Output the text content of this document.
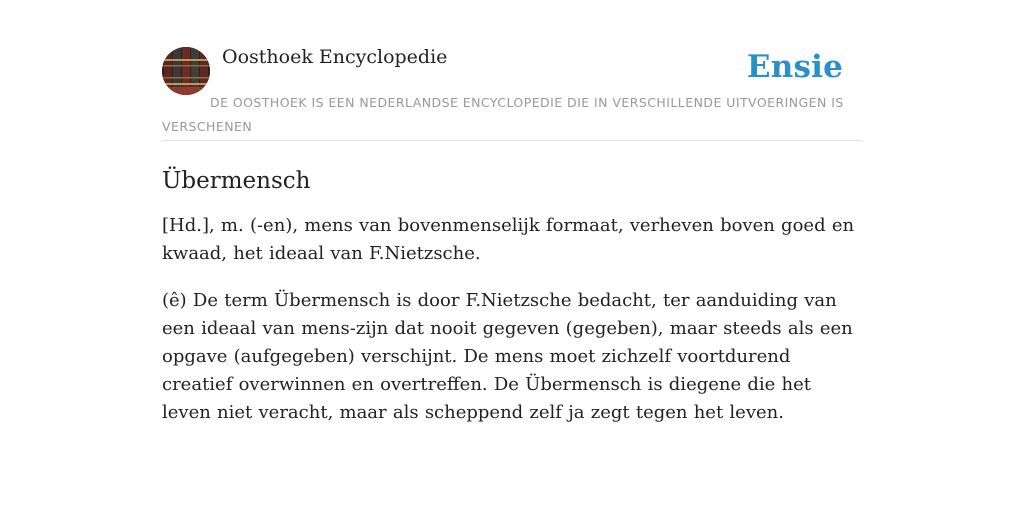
Oosthoek Encyclopedie	Ensie
DE OOSTHOEK IS EEN NEDERLANDSE ENCYCLOPEDIE DIE IN VERSCHILLENDE UITVOERINGEN IS VERSCHENEN
Übermensch

[Hd.], m. (-en), mens van bovenmenselijk formaat, verheven boven goed en kwaad, het ideaal van F.Nietzsche.

(ê) De term Übermensch is door F.Nietzsche bedacht, ter aanduiding van een ideaal van mens-zijn dat nooit gegeven (gegeben), maar steeds als een opgave (aufgegeben) verschijnt. De mens moet zichzelf voortdurend creatief overwinnen en overtreffen. De Übermensch is diegene die het leven niet veracht, maar als scheppend zelf ja zegt tegen het leven.
